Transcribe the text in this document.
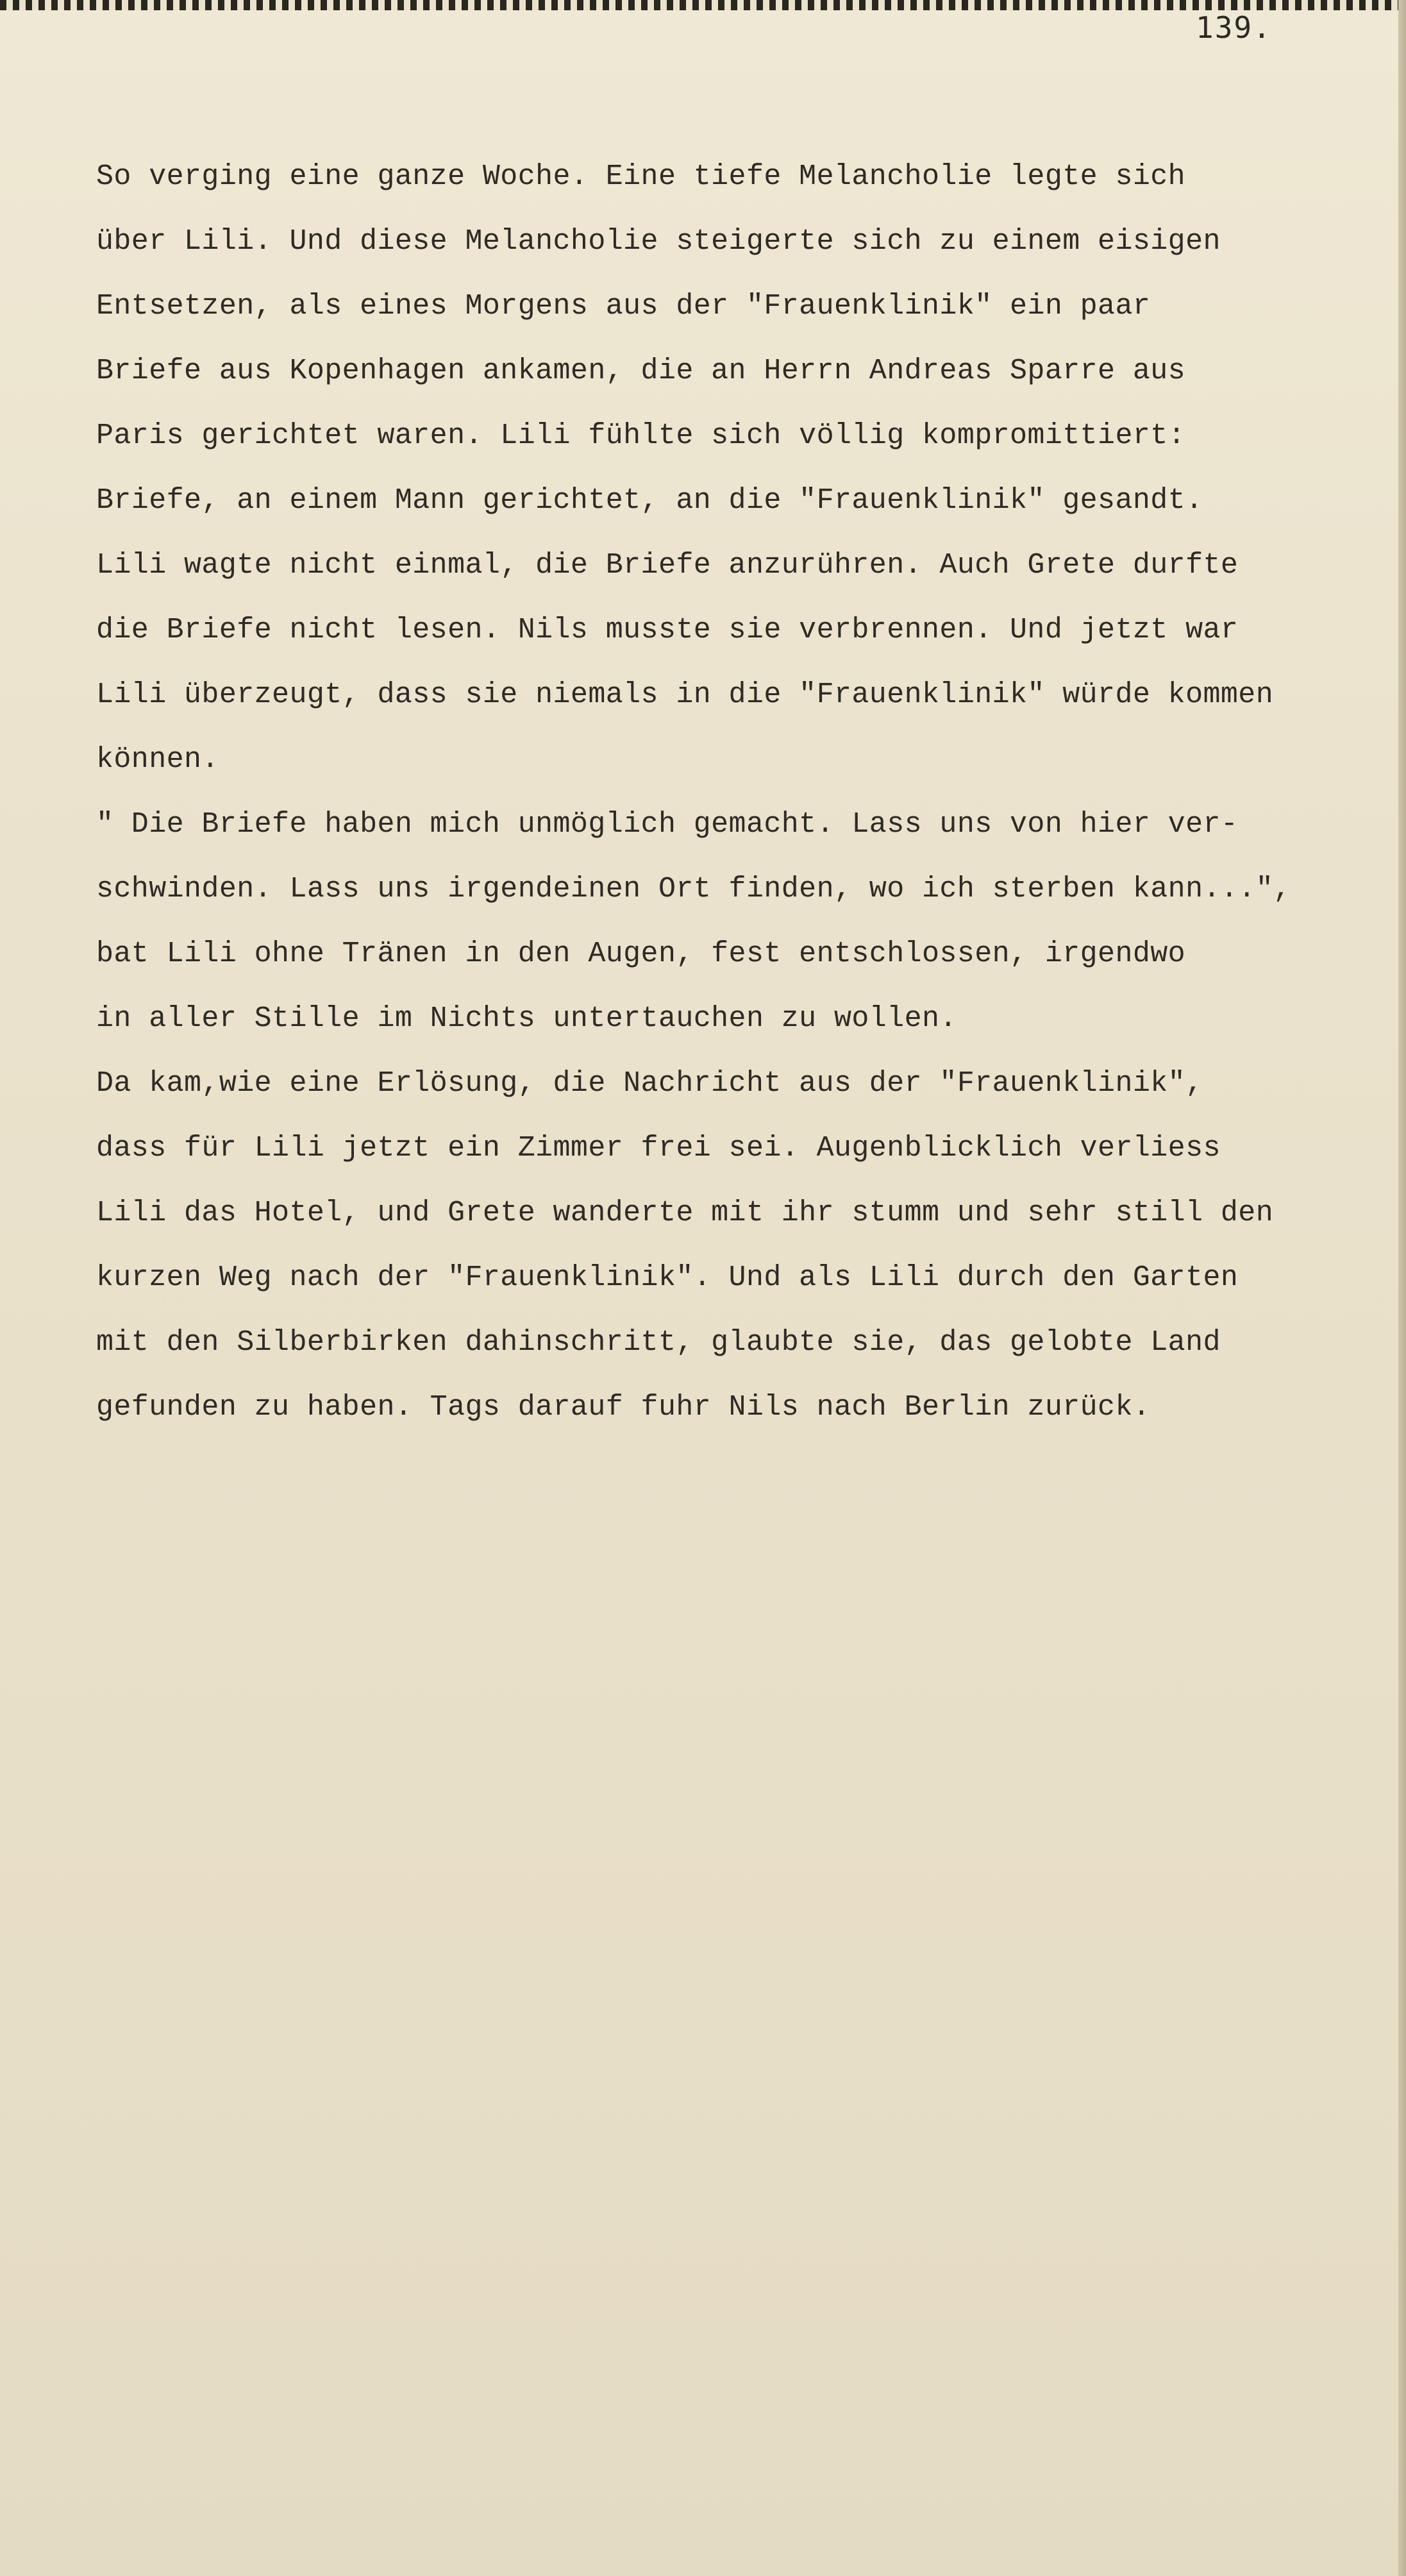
139.

So verging eine ganze Woche. Eine tiefe Melancholie legte sich

über Lili. Und diese Melancholie steigerte sich zu einem eisigen

Entsetzen, als eines Morgens aus der "Frauenklinik" ein paar

Briefe aus Kopenhagen ankamen, die an Herrn Andreas Sparre aus

Paris gerichtet waren. Lili fühlte sich völlig kompromittiert:

Briefe, an einem Mann gerichtet, an die "Frauenklinik" gesandt.

Lili wagte nicht einmal, die Briefe anzurühren. Auch Grete durfte

die Briefe nicht lesen. Nils musste sie verbrennen. Und jetzt war

Lili überzeugt, dass sie niemals in die "Frauenklinik" würde kommen

können.

" Die Briefe haben mich unmöglich gemacht. Lass uns von hier ver-

schwinden. Lass uns irgendeinen Ort finden, wo ich sterben kann...",

bat Lili ohne Tränen in den Augen, fest entschlossen, irgendwo

in aller Stille im Nichts untertauchen zu wollen.

Da kam,wie eine Erlösung, die Nachricht aus der "Frauenklinik",

dass für Lili jetzt ein Zimmer frei sei. Augenblicklich verliess

Lili das Hotel, und Grete wanderte mit ihr stumm und sehr still den

kurzen Weg nach der "Frauenklinik". Und als Lili durch den Garten

mit den Silberbirken dahinschritt, glaubte sie, das gelobte Land

gefunden zu haben. Tags darauf fuhr Nils nach Berlin zurück.
